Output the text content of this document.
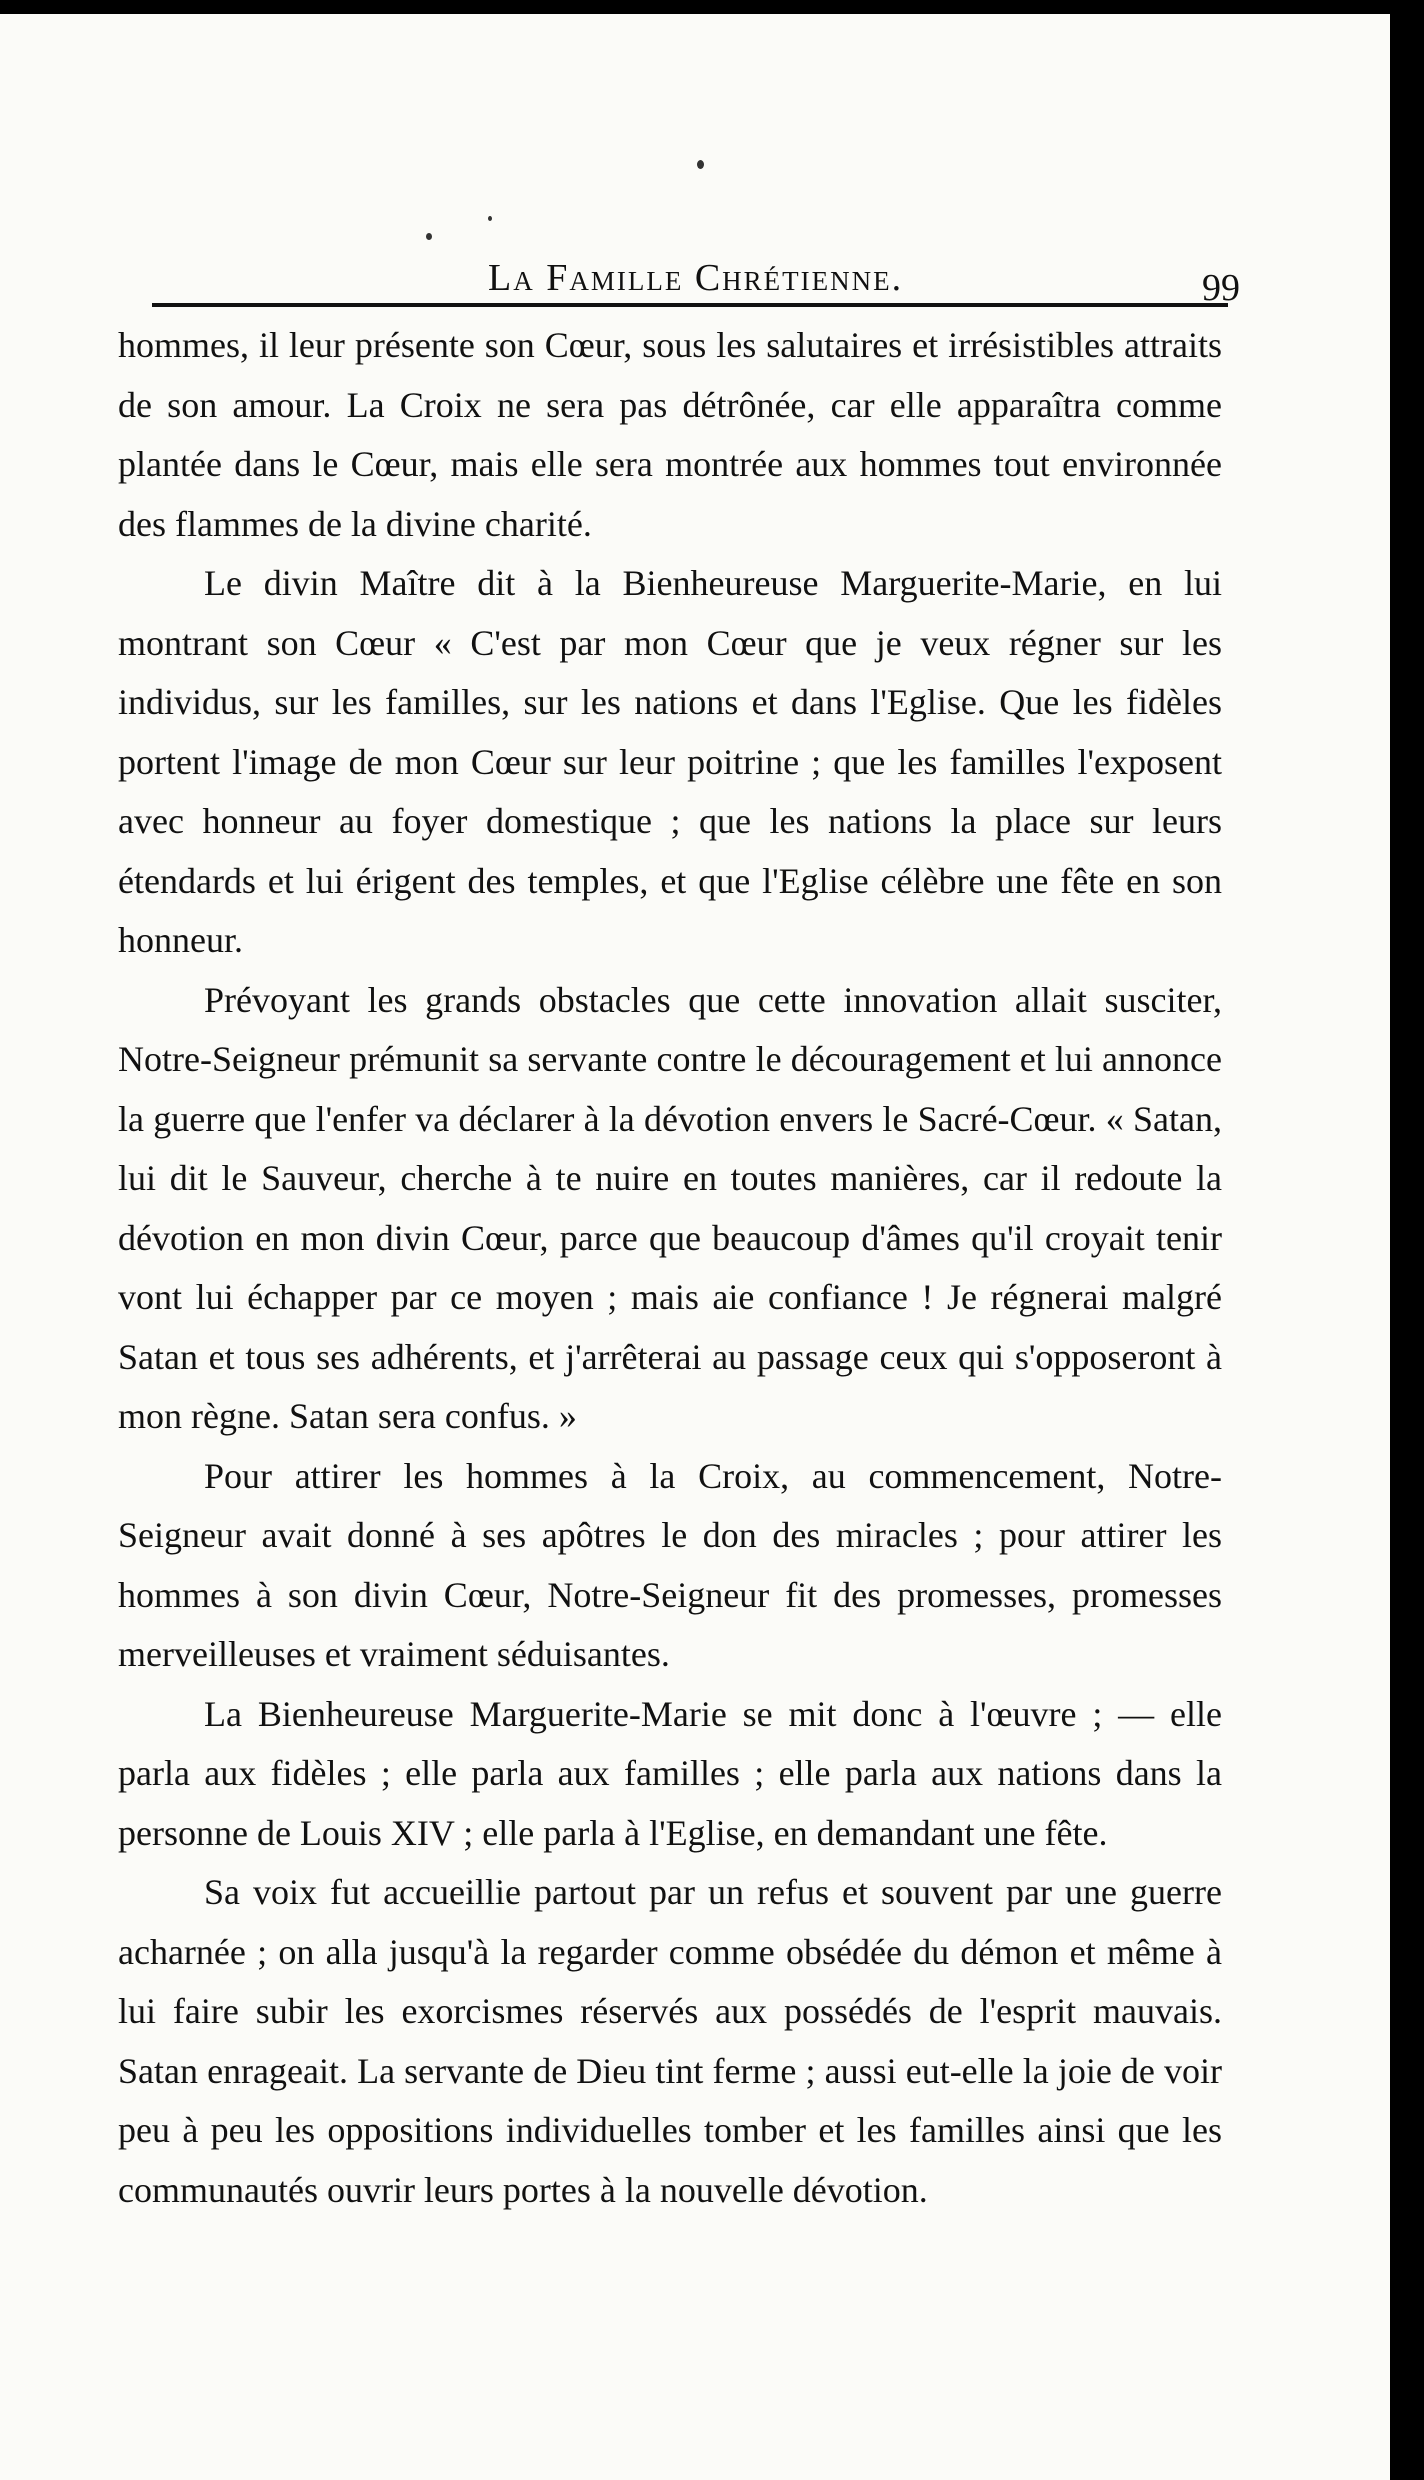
La Famille Chrétienne.	99

hommes, il leur présente son Cœur, sous les salutaires et irrésistibles attraits de son amour. La Croix ne sera pas détrônée, car elle apparaîtra comme plantée dans le Cœur, mais elle sera montrée aux hommes tout environnée des flammes de la divine charité.

Le divin Maître dit à la Bienheureuse Marguerite-Marie, en lui montrant son Cœur « C'est par mon Cœur que je veux régner sur les individus, sur les familles, sur les nations et dans l'Eglise. Que les fidèles portent l'image de mon Cœur sur leur poitrine ; que les familles l'exposent avec honneur au foyer domestique ; que les nations la place sur leurs étendards et lui érigent des temples, et que l'Eglise célèbre une fête en son honneur.

Prévoyant les grands obstacles que cette innovation allait susciter, Notre-Seigneur prémunit sa servante contre le découragement et lui annonce la guerre que l'enfer va déclarer à la dévotion envers le Sacré-Cœur. « Satan, lui dit le Sauveur, cherche à te nuire en toutes manières, car il redoute la dévotion en mon divin Cœur, parce que beaucoup d'âmes qu'il croyait tenir vont lui échapper par ce moyen ; mais aie confiance ! Je régnerai malgré Satan et tous ses adhérents, et j'arrêterai au passage ceux qui s'opposeront à mon règne. Satan sera confus. »

Pour attirer les hommes à la Croix, au commencement, Notre-Seigneur avait donné à ses apôtres le don des miracles ; pour attirer les hommes à son divin Cœur, Notre-Seigneur fit des promesses, promesses merveilleuses et vraiment séduisantes.

La Bienheureuse Marguerite-Marie se mit donc à l'œuvre ; — elle parla aux fidèles ; elle parla aux familles ; elle parla aux nations dans la personne de Louis XIV ; elle parla à l'Eglise, en demandant une fête.

Sa voix fut accueillie partout par un refus et souvent par une guerre acharnée ; on alla jusqu'à la regarder comme obsédée du démon et même à lui faire subir les exorcismes réservés aux possédés de l'esprit mauvais. Satan enrageait. La servante de Dieu tint ferme ; aussi eut-elle la joie de voir peu à peu les oppositions individuelles tomber et les familles ainsi que les communautés ouvrir leurs portes à la nouvelle dévotion.
